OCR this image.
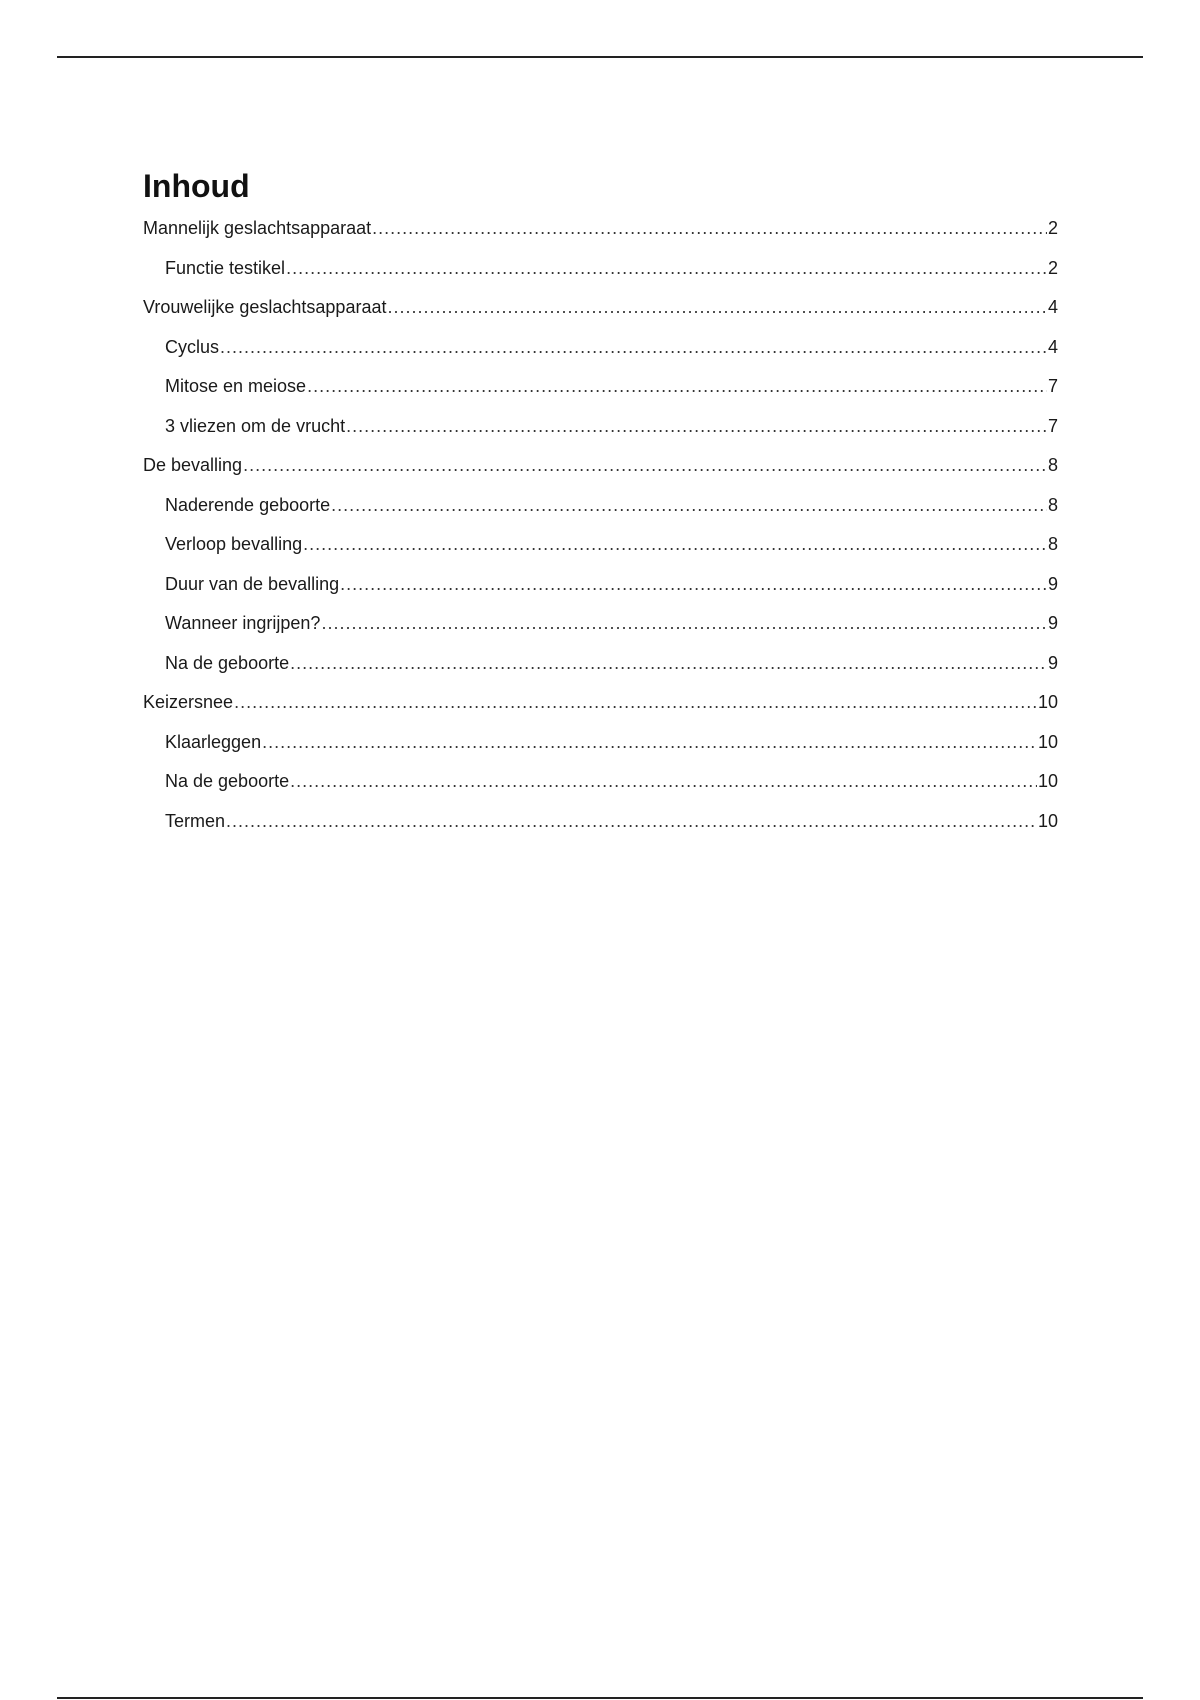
Inhoud
Mannelijk geslachtsapparaat .....	2
Functie testikel .....	2
Vrouwelijke geslachtsapparaat .....	4
Cyclus .....	4
Mitose en meiose .....	7
3 vliezen om de vrucht .....	7
De bevalling .....	8
Naderende geboorte .....	8
Verloop bevalling .....	8
Duur van de bevalling .....	9
Wanneer ingrijpen? .....	9
Na de geboorte .....	9
Keizersnee .....	10
Klaarleggen .....	10
Na de geboorte .....	10
Termen .....	10
